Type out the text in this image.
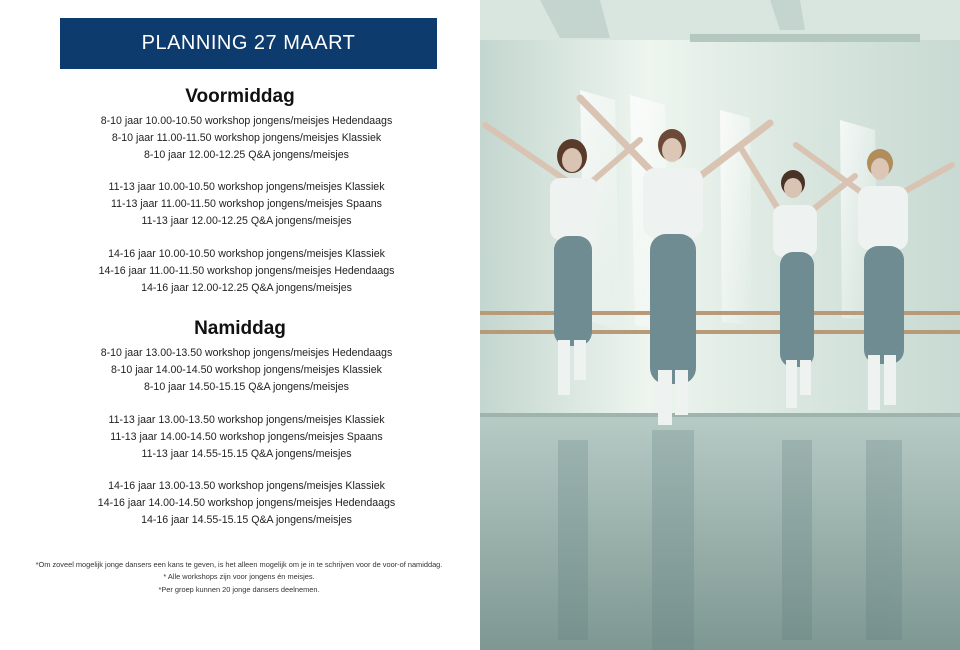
PLANNING 27 MAART
Voormiddag
8-10 jaar 10.00-10.50 workshop jongens/meisjes Hedendaags
8-10 jaar 11.00-11.50 workshop jongens/meisjes Klassiek
8-10 jaar 12.00-12.25 Q&A jongens/meisjes
11-13 jaar 10.00-10.50 workshop jongens/meisjes Klassiek
11-13 jaar 11.00-11.50 workshop jongens/meisjes Spaans
11-13 jaar 12.00-12.25 Q&A jongens/meisjes
14-16 jaar 10.00-10.50 workshop jongens/meisjes Klassiek
14-16 jaar 11.00-11.50 workshop jongens/meisjes Hedendaags
14-16 jaar 12.00-12.25 Q&A jongens/meisjes
Namiddag
8-10 jaar 13.00-13.50 workshop jongens/meisjes Hedendaags
8-10 jaar 14.00-14.50 workshop jongens/meisjes Klassiek
8-10 jaar 14.50-15.15 Q&A jongens/meisjes
11-13 jaar 13.00-13.50 workshop jongens/meisjes Klassiek
11-13 jaar 14.00-14.50 workshop jongens/meisjes Spaans
11-13 jaar 14.55-15.15 Q&A jongens/meisjes
14-16 jaar 13.00-13.50 workshop jongens/meisjes Klassiek
14-16 jaar 14.00-14.50 workshop jongens/meisjes Hedendaags
14-16 jaar 14.55-15.15 Q&A jongens/meisjes
*Om zoveel mogelijk jonge dansers een kans te geven, is het alleen mogelijk om je in te schrijven voor de voor-of namiddag.
* Alle workshops zijn voor jongens én meisjes.
*Per groep kunnen 20 jonge dansers deelnemen.
